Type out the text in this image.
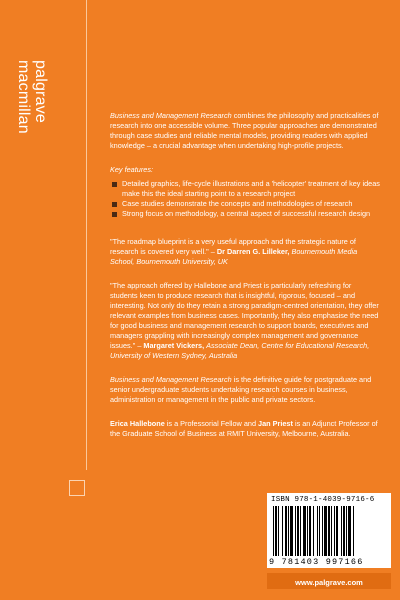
palgrave
macmillan	Business and Management Research combines the philosophy and practicalities of research into one accessible volume. Three popular approaches are demonstrated through case studies and reliable mental models, providing readers with applied knowledge – a crucial advantage when undertaking high-profile projects.

Key features:

Detailed graphics, life-cycle illustrations and a 'helicopter' treatment of key ideas make this the ideal starting point to a research project
Case studies demonstrate the concepts and methodologies of research
Strong focus on methodology, a central aspect of successful research design

"The roadmap blueprint is a very useful approach and the strategic nature of research is covered very well." – Dr Darren G. Lilleker, Bournemouth Media School, Bournemouth University, UK

"The approach offered by Hallebone and Priest is particularly refreshing for students keen to produce research that is insightful, rigorous, focused – and interesting. Not only do they retain a strong paradigm-centred orientation, they offer relevant examples from business cases. Importantly, they also emphasise the need for good business and management research to support boards, executives and managers grappling with increasingly complex management and governance issues." – Margaret Vickers, Associate Dean, Centre for Educational Research, University of Western Sydney, Australia

Business and Management Research is the definitive guide for postgraduate and senior undergraduate students undertaking research courses in business, administration or management in the public and private sectors.

Erica Hallebone is a Professorial Fellow and Jan Priest is an Adjunct Professor of the Graduate School of Business at RMIT University, Melbourne, Australia.

ISBN 978-1-4039-9716-6
9 781403 997166
www.palgrave.com
